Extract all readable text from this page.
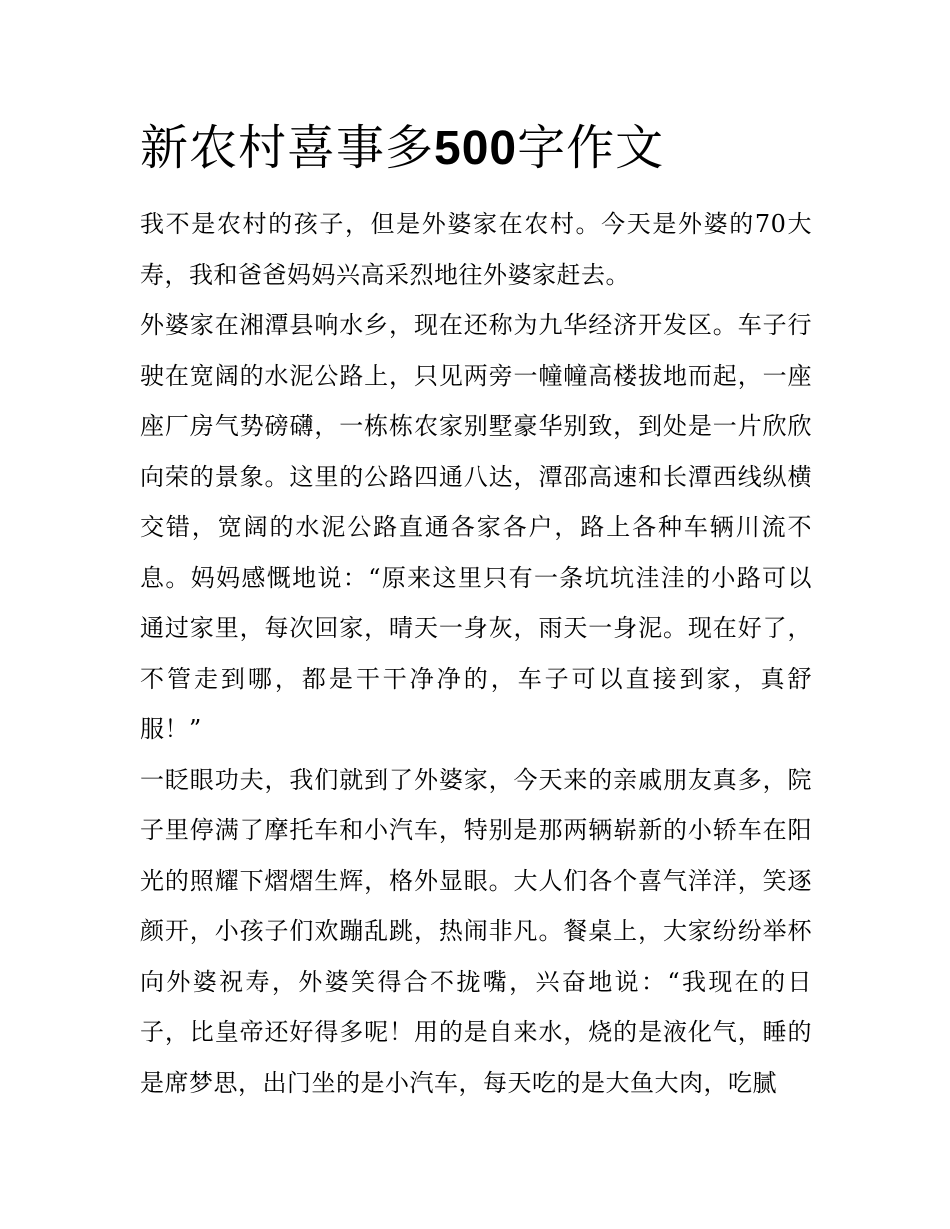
新农村喜事多500字作文

我不是农村的孩子，但是外婆家在农村。今天是外婆的70大寿，我和爸爸妈妈兴高采烈地往外婆家赶去。

外婆家在湘潭县响水乡，现在还称为九华经济开发区。车子行驶在宽阔的水泥公路上，只见两旁一幢幢高楼拔地而起，一座座厂房气势磅礴，一栋栋农家别墅豪华别致，到处是一片欣欣向荣的景象。这里的公路四通八达，潭邵高速和长潭西线纵横交错，宽阔的水泥公路直通各家各户，路上各种车辆川流不息。妈妈感慨地说：“原来这里只有一条坑坑洼洼的小路可以通过家里，每次回家，晴天一身灰，雨天一身泥。现在好了，不管走到哪，都是干干净净的，车子可以直接到家，真舒服！”

一眨眼功夫，我们就到了外婆家，今天来的亲戚朋友真多，院子里停满了摩托车和小汽车，特别是那两辆崭新的小轿车在阳光的照耀下熠熠生辉，格外显眼。大人们各个喜气洋洋，笑逐颜开，小孩子们欢蹦乱跳，热闹非凡。餐桌上，大家纷纷举杯向外婆祝寿，外婆笑得合不拢嘴，兴奋地说：“我现在的日子，比皇帝还好得多呢！用的是自来水，烧的是液化气，睡的是席梦思，出门坐的是小汽车，每天吃的是大鱼大肉，吃腻
